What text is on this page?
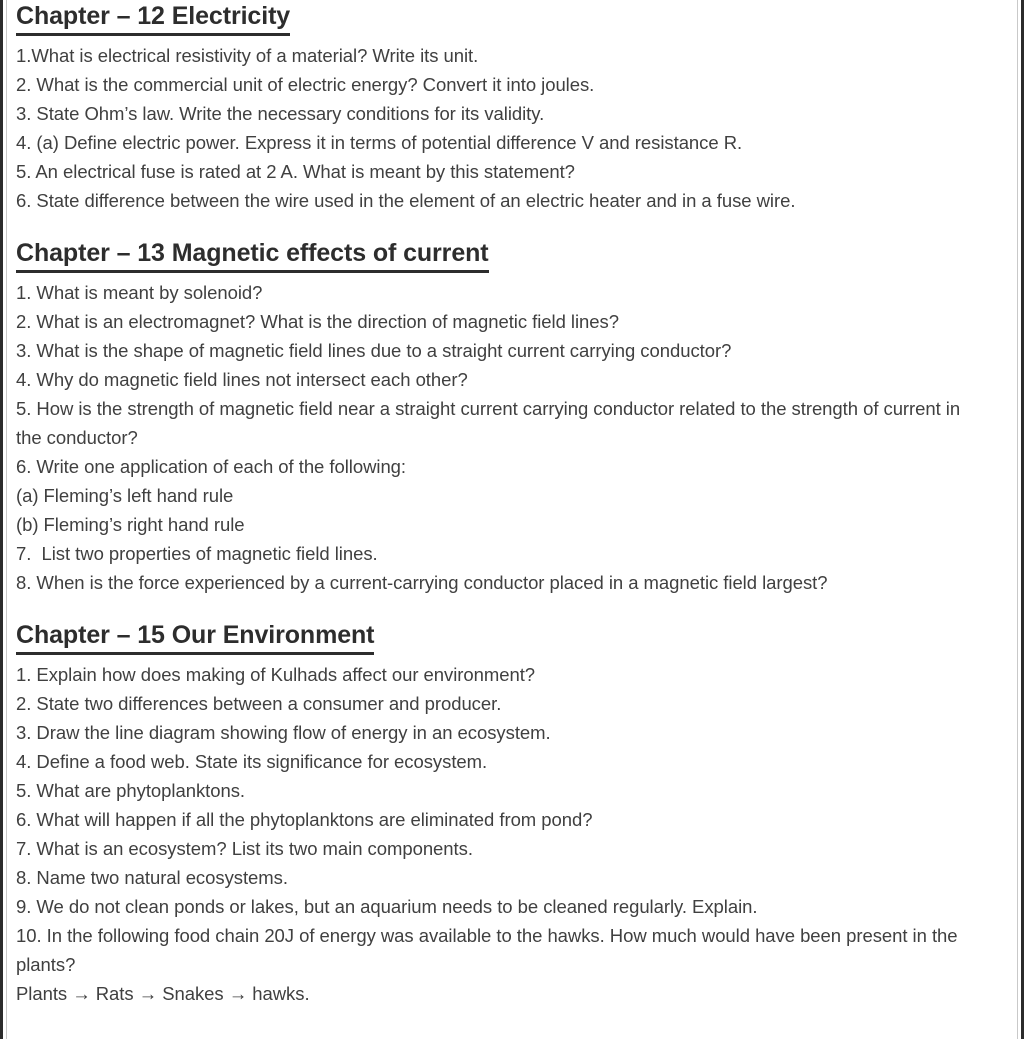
Chapter – 12 Electricity

1.What is electrical resistivity of a material? Write its unit.

2. What is the commercial unit of electric energy? Convert it into joules.

3. State Ohm’s law. Write the necessary conditions for its validity.

4. (a) Define electric power. Express it in terms of potential difference V and resistance R.

5. An electrical fuse is rated at 2 A. What is meant by this statement?

6. State difference between the wire used in the element of an electric heater and in a fuse wire.

Chapter – 13 Magnetic effects of current

1. What is meant by solenoid?

2. What is an electromagnet? What is the direction of magnetic field lines?

3. What is the shape of magnetic field lines due to a straight current carrying conductor?

4. Why do magnetic field lines not intersect each other?

5. How is the strength of magnetic field near a straight current carrying conductor related to the strength of current in the conductor?

6. Write one application of each of the following:

(a) Fleming’s left hand rule

(b) Fleming’s right hand rule

7.  List two properties of magnetic field lines.

8. When is the force experienced by a current-carrying conductor placed in a magnetic field largest?

Chapter – 15 Our Environment

1. Explain how does making of Kulhads affect our environment?

2. State two differences between a consumer and producer.

3. Draw the line diagram showing flow of energy in an ecosystem.

4. Define a food web. State its significance for ecosystem.

5. What are phytoplanktons.

6. What will happen if all the phytoplanktons are eliminated from pond?

7. What is an ecosystem? List its two main components.

8. Name two natural ecosystems.

9. We do not clean ponds or lakes, but an aquarium needs to be cleaned regularly. Explain.

10. In the following food chain 20J of energy was available to the hawks. How much would have been present in the plants?

Plants → Rats → Snakes → hawks.
